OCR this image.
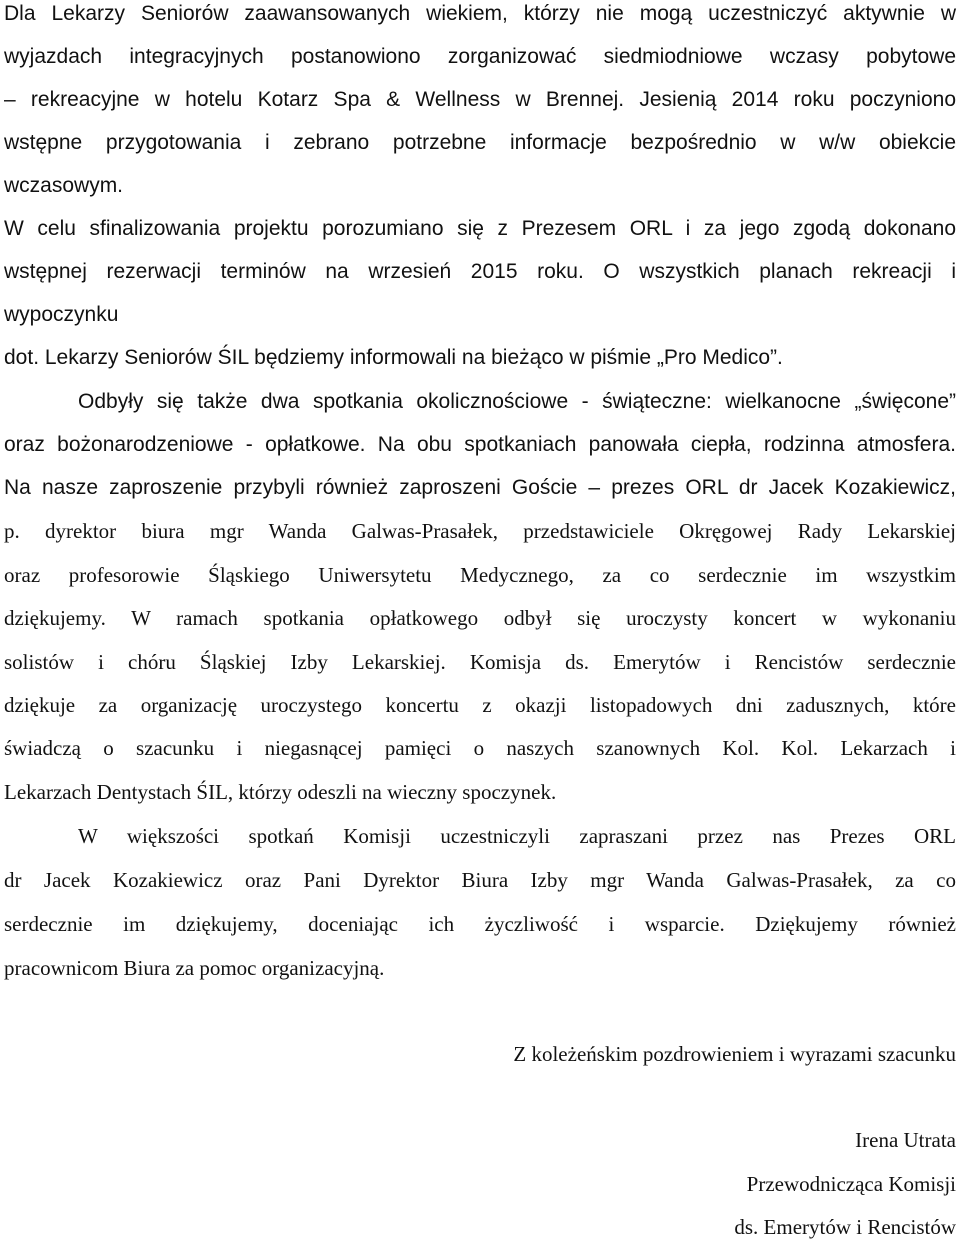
Dla Lekarzy Seniorów zaawansowanych wiekiem, którzy nie mogą uczestniczyć aktywnie w
wyjazdach integracyjnych postanowiono zorganizować siedmiodniowe wczasy pobytowe
– rekreacyjne w hotelu Kotarz Spa & Wellness w Brennej. Jesienią 2014 roku poczyniono
wstępne przygotowania i zebrano potrzebne informacje bezpośrednio w w/w obiekcie
wczasowym.
W celu sfinalizowania projektu porozumiano się z Prezesem ORL i za jego zgodą dokonano
wstępnej rezerwacji terminów na wrzesień 2015 roku. O wszystkich planach rekreacji i
wypoczynku
dot. Lekarzy Seniorów ŚIL będziemy informowali na bieżąco w piśmie „Pro Medico”.
Odbyły się także dwa spotkania okolicznościowe - świąteczne: wielkanocne „święcone”
oraz bożonarodzeniowe - opłatkowe. Na obu spotkaniach panowała ciepła, rodzinna atmosfera.
Na nasze zaproszenie przybyli również zaproszeni Goście – prezes ORL dr Jacek Kozakiewicz,
p. dyrektor biura mgr Wanda Galwas-Prasałek, przedstawiciele Okręgowej Rady Lekarskiej
oraz profesorowie Śląskiego Uniwersytetu Medycznego, za co serdecznie im wszystkim
dziękujemy. W ramach spotkania opłatkowego odbył się uroczysty koncert w wykonaniu
solistów i chóru Śląskiej Izby Lekarskiej. Komisja ds. Emerytów i Rencistów serdecznie
dziękuje za organizację uroczystego koncertu z okazji listopadowych dni zadusznych, które
świadczą o szacunku i niegasnącej pamięci o naszych szanownych Kol. Kol. Lekarzach i
Lekarzach Dentystach ŚIL, którzy odeszli na wieczny spoczynek.
W większości spotkań Komisji uczestniczyli zapraszani przez nas Prezes ORL
dr Jacek Kozakiewicz oraz Pani Dyrektor Biura Izby mgr Wanda Galwas-Prasałek, za co
serdecznie im dziękujemy, doceniając ich życzliwość i wsparcie. Dziękujemy również
pracownicom Biura za pomoc organizacyjną.
Z koleżeńskim pozdrowieniem i wyrazami szacunku
Irena Utrata
Przewodnicząca Komisji
ds. Emerytów i Rencistów
